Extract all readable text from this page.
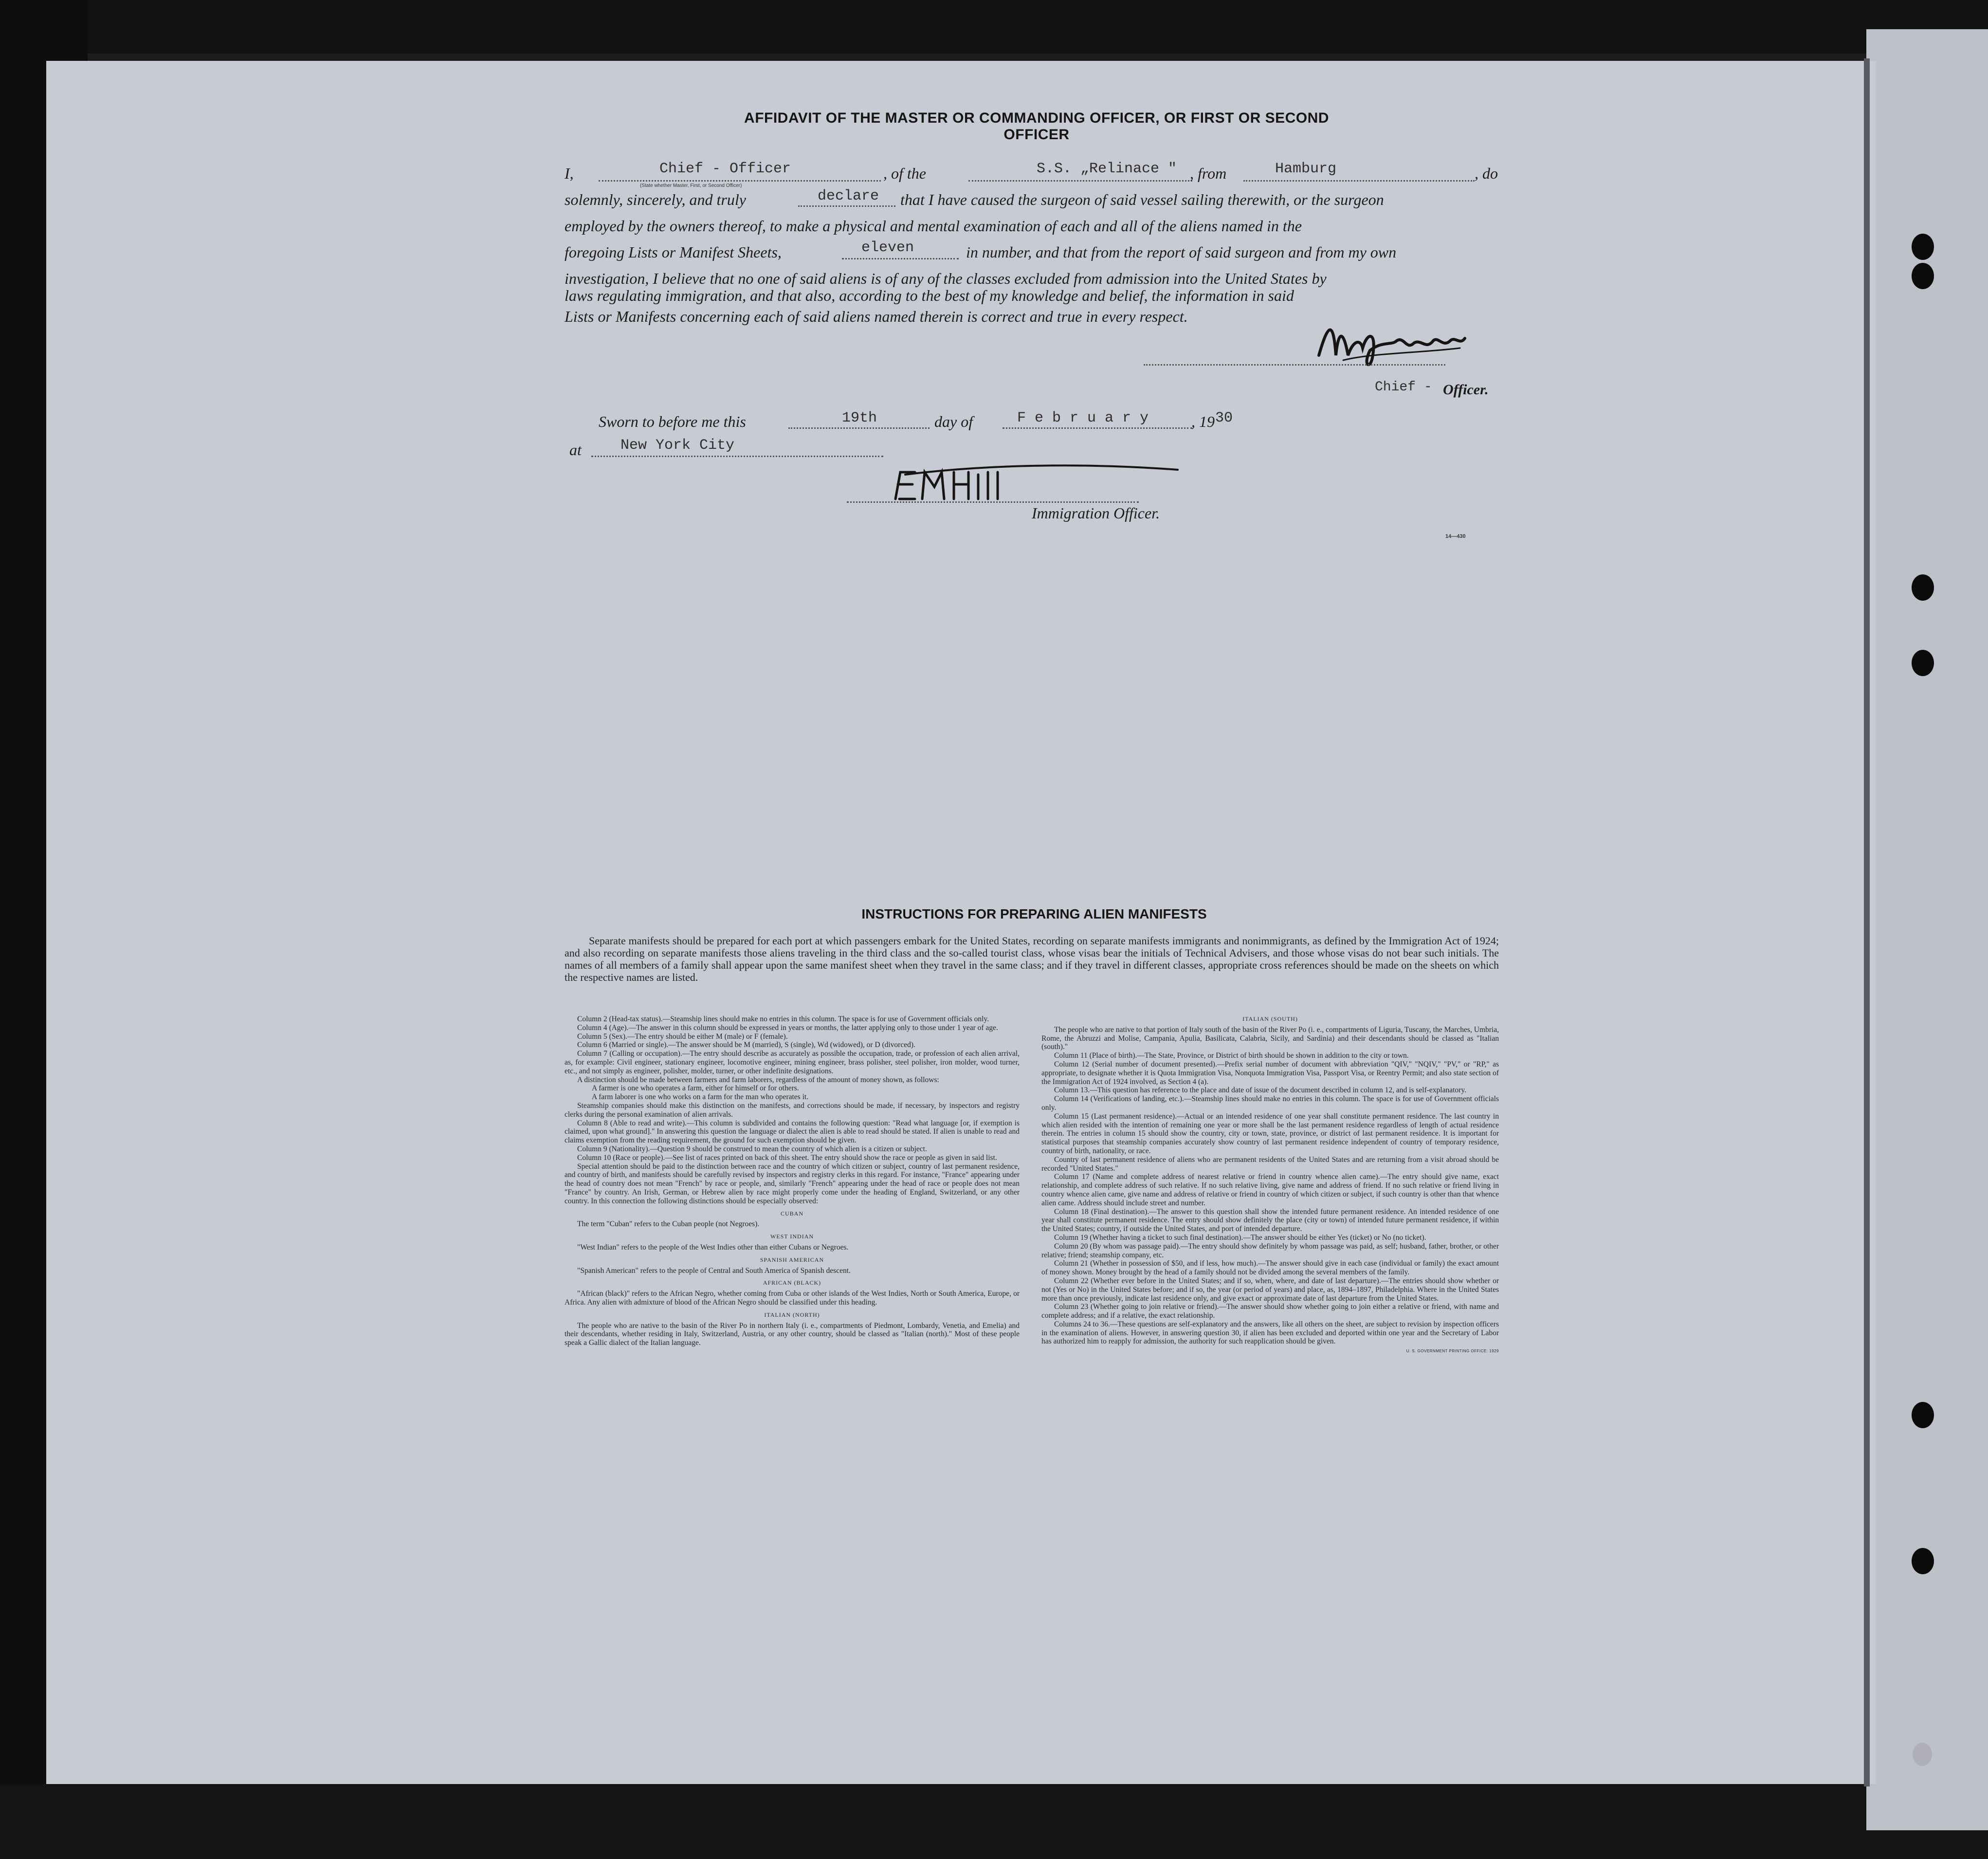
AFFIDAVIT OF THE MASTER OR COMMANDING OFFICER, OR FIRST OR SECOND OFFICER
I,	Chief - Officer
(State whether Master, First, or Second Officer)
, of the	S.S. „Relinace " , from	Hamburg	, do
solemnly, sincerely, and truly	declare that I have caused the surgeon of said vessel sailing therewith, or the surgeon
employed by the owners thereof, to make a physical and mental examination of each and all of the aliens named in the
foregoing Lists or Manifest Sheets,	eleven	in number, and that from the report of said surgeon and from my own
investigation, I believe that no one of said aliens is of any of the classes excluded from admission into the United States by
laws regulating immigration, and that also, according to the best of my knowledge and belief, the information in said
Lists or Manifests concerning each of said aliens named therein is correct and true in every respect.
Chief - Officer.
Sworn to before me this	19th	day of	F e b r u a r y	, 19 30
at	New York City
Immigration Officer.
14—430
INSTRUCTIONS FOR PREPARING ALIEN MANIFESTS
Separate manifests should be prepared for each port at which passengers embark for the United States, recording on separate manifests immigrants and nonimmigrants, as defined by the Immigration Act of 1924; and also recording on separate manifests those aliens traveling in the third class and the so-called tourist class, whose visas bear the initials of Technical Advisers, and those whose visas do not bear such initials. The names of all members of a family shall appear upon the same manifest sheet when they travel in the same class; and if they travel in different classes, appropriate cross references should be made on the sheets on which the respective names are listed.

Column 2 (Head-tax status).—Steamship lines should make no entries in this column. The space is for use of Government officials only.

Column 4 (Age).—The answer in this column should be expressed in years or months, the latter applying only to those under 1 year of age.

Column 5 (Sex).—The entry should be either M (male) or F (female).

Column 6 (Married or single).—The answer should be M (married), S (single), Wd (widowed), or D (divorced).

Column 7 (Calling or occupation).—The entry should describe as accurately as possible the occupation, trade, or profession of each alien arrival, as, for example: Civil engineer, stationary engineer, locomotive engineer, mining engineer, brass polisher, steel polisher, iron molder, wood turner, etc., and not simply as engineer, polisher, molder, turner, or other indefinite designations.

A distinction should be made between farmers and farm laborers, regardless of the amount of money shown, as follows:

A farmer is one who operates a farm, either for himself or for others.

A farm laborer is one who works on a farm for the man who operates it.

Steamship companies should make this distinction on the manifests, and corrections should be made, if necessary, by inspectors and registry clerks during the personal examination of alien arrivals.

Column 8 (Able to read and write).—This column is subdivided and contains the following question: "Read what language [or, if exemption is claimed, upon what ground]." In answering this question the language or dialect the alien is able to read should be stated. If alien is unable to read and claims exemption from the reading requirement, the ground for such exemption should be given.

Column 9 (Nationality).—Question 9 should be construed to mean the country of which alien is a citizen or subject.

Column 10 (Race or people).—See list of races printed on back of this sheet. The entry should show the race or people as given in said list.

Special attention should be paid to the distinction between race and the country of which citizen or subject, country of last permanent residence, and country of birth, and manifests should be carefully revised by inspectors and registry clerks in this regard. For instance, "France" appearing under the head of country does not mean "French" by race or people, and, similarly "French" appearing under the head of race or people does not mean "France" by country. An Irish, German, or Hebrew alien by race might properly come under the heading of England, Switzerland, or any other country. In this connection the following distinctions should be especially observed:

CUBAN

The term "Cuban" refers to the Cuban people (not Negroes).

WEST INDIAN

"West Indian" refers to the people of the West Indies other than either Cubans or Negroes.

SPANISH AMERICAN

"Spanish American" refers to the people of Central and South America of Spanish descent.

AFRICAN (BLACK)

"African (black)" refers to the African Negro, whether coming from Cuba or other islands of the West Indies, North or South America, Europe, or Africa. Any alien with admixture of blood of the African Negro should be classified under this heading.

ITALIAN (NORTH)

The people who are native to the basin of the River Po in northern Italy (i. e., compartments of Piedmont, Lombardy, Venetia, and Emelia) and their descendants, whether residing in Italy, Switzerland, Austria, or any other country, should be classed as "Italian (north)." Most of these people speak a Gallic dialect of the Italian language.

ITALIAN (SOUTH)

The people who are native to that portion of Italy south of the basin of the River Po (i. e., compartments of Liguria, Tuscany, the Marches, Umbria, Rome, the Abruzzi and Molise, Campania, Apulia, Basilicata, Calabria, Sicily, and Sardinia) and their descendants should be classed as "Italian (south)."

Column 11 (Place of birth).—The State, Province, or District of birth should be shown in addition to the city or town.

Column 12 (Serial number of document presented).—Prefix serial number of document with abbreviation "QIV," "NQIV," "PV," or "RP," as appropriate, to designate whether it is Quota Immigration Visa, Nonquota Immigration Visa, Passport Visa, or Reentry Permit; and also state section of the Immigration Act of 1924 involved, as Section 4 (a).

Column 13.—This question has reference to the place and date of issue of the document described in column 12, and is self-explanatory.

Column 14 (Verifications of landing, etc.).—Steamship lines should make no entries in this column. The space is for use of Government officials only.

Column 15 (Last permanent residence).—Actual or an intended residence of one year shall constitute permanent residence. The last country in which alien resided with the intention of remaining one year or more shall be the last permanent residence regardless of length of actual residence therein. The entries in column 15 should show the country, city or town, state, province, or district of last permanent residence. It is important for statistical purposes that steamship companies accurately show country of last permanent residence independent of country of temporary residence, country of birth, nationality, or race.

Country of last permanent residence of aliens who are permanent residents of the United States and are returning from a visit abroad should be recorded "United States."

Column 17 (Name and complete address of nearest relative or friend in country whence alien came).—The entry should give name, exact relationship, and complete address of such relative. If no such relative living, give name and address of friend. If no such relative or friend living in country whence alien came, give name and address of relative or friend in country of which citizen or subject, if such country is other than that whence alien came. Address should include street and number.

Column 18 (Final destination).—The answer to this question shall show the intended future permanent residence. An intended residence of one year shall constitute permanent residence. The entry should show definitely the place (city or town) of intended future permanent residence, if within the United States; country, if outside the United States, and port of intended departure.

Column 19 (Whether having a ticket to such final destination).—The answer should be either Yes (ticket) or No (no ticket).

Column 20 (By whom was passage paid).—The entry should show definitely by whom passage was paid, as self; husband, father, brother, or other relative; friend; steamship company, etc.

Column 21 (Whether in possession of $50, and if less, how much).—The answer should give in each case (individual or family) the exact amount of money shown. Money brought by the head of a family should not be divided among the several members of the family.

Column 22 (Whether ever before in the United States; and if so, when, where, and date of last departure).—The entries should show whether or not (Yes or No) in the United States before; and if so, the year (or period of years) and place, as, 1894–1897, Philadelphia. Where in the United States more than once previously, indicate last residence only, and give exact or approximate date of last departure from the United States.

Column 23 (Whether going to join relative or friend).—The answer should show whether going to join either a relative or friend, with name and complete address; and if a relative, the exact relationship.

Columns 24 to 36.—These questions are self-explanatory and the answers, like all others on the sheet, are subject to revision by inspection officers in the examination of aliens. However, in answering question 30, if alien has been excluded and deported within one year and the Secretary of Labor has authorized him to reapply for admission, the authority for such reapplication should be given.

U. S. GOVERNMENT PRINTING OFFICE: 1929
